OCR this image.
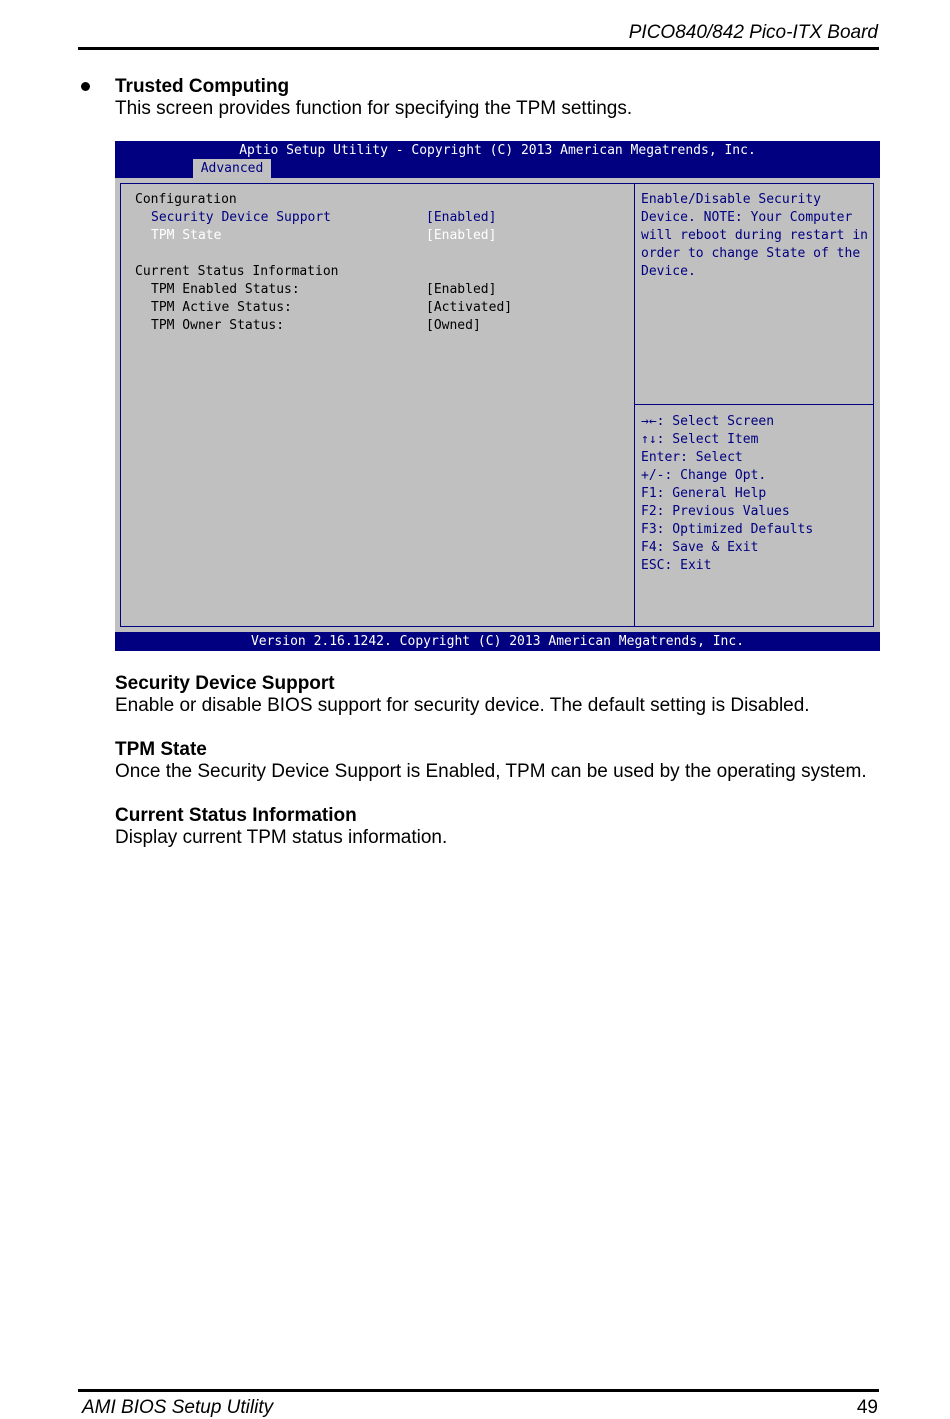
PICO840/842 Pico-ITX Board
Trusted Computing
This screen provides function for specifying the TPM settings.
Aptio Setup Utility - Copyright (C) 2013 American Megatrends, Inc.
Advanced
Configuration
Security Device Support	[Enabled]
TPM State	[Enabled]
Current Status Information
TPM Enabled Status:	[Enabled]
TPM Active Status:	[Activated]
TPM Owner Status:	[Owned]
Enable/Disable Security
Device. NOTE: Your Computer
will reboot during restart in
order to change State of the
Device.
→←: Select Screen
↑↓: Select Item
Enter: Select
+/-: Change Opt.
F1: General Help
F2: Previous Values
F3: Optimized Defaults
F4: Save & Exit
ESC: Exit
Version 2.16.1242. Copyright (C) 2013 American Megatrends, Inc.
Security Device Support
Enable or disable BIOS support for security device. The default setting is Disabled.
TPM State
Once the Security Device Support is Enabled, TPM can be used by the operating system.
Current Status Information
Display current TPM status information.
AMI BIOS Setup Utility	49
